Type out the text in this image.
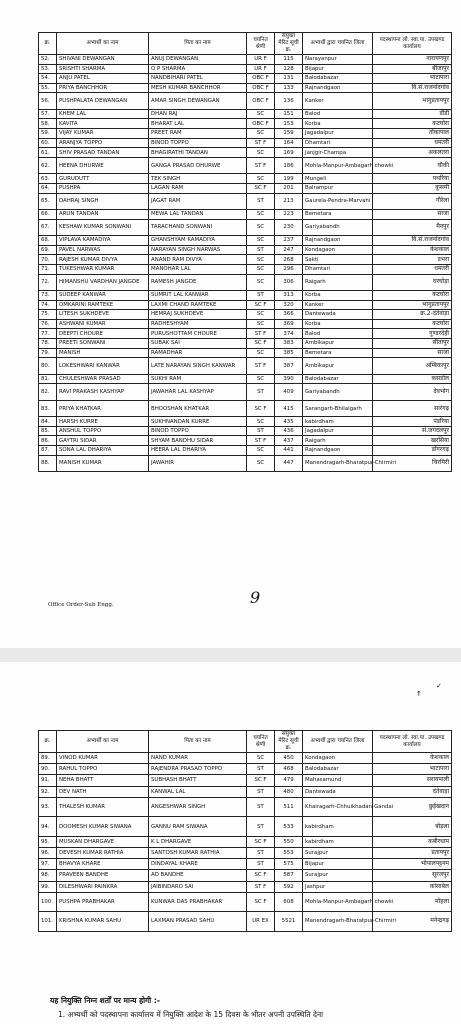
क्र.	अभ्यर्थी का नाम	पिता का नाम	चयनित श्रेणी	संयुक्त मेरिट सूची क्र.	अभ्यर्थी द्वारा चयनित जिला	पदस्थापना लो. स्वा.या. उपखण्ड कार्यालय
52.	SHIVANI DEWANGAN	ANUJ DEWANGAN	UR F	115	Narayanpur	नारायणपुर
53.	SRISHTI SHARMA	O P SHARMA	UR F	128	Bijapur	बीजापुर
54.	ANJU PATEL	NANDBIHARI PATEL	OBC F	131	Balodabazar	भाटापारा
55.	PRIYA BANCHHOR	MESH KUMAR BANCHHOR	OBC F	133	Rajnandgaon	वि.सं.राजनांदगांव
56.	PUSHPALATA DEWANGAN	AMAR SINGH DEWANGAN	OBC F	136	Kanker	भानुप्रतापपुर
57.	KHEM LAL	DHAN RAJ	SC	151	Balod	डौंडी
58.	KAVITA	BHARAT LAL	OBC F	153	Korba	कटघोरा
59.	VIJAY KUMAR	PREET RAM	SC	159	Jagadalpur	तोकापाल
60.	ARANJYA TOPPO	BINOD TOPPO	ST F	164	Dhamtari	धमतरी
61.	SHIV PRASAD TANDAN	BHAGIRATHI TANDAN	SC	169	Janjgir-Champa	अकलतरा
62.	HEENA DHURWE	GANGA PRASAD DHURWE	ST F	186	Mohla-Manpur-Ambagarh chowki	चौकी
63.	GURUDUTT	TEK SINGH	SC	199	Mungeli	पथरिया
64.	PUSHPA	LAGAN RAM	SC F	201	Balrampur	कुसमी
65.	DAHRAJ SINGH	JAGAT RAM	ST	213	Gaurela-Pendra-Marvahi	गौरेला
66.	ARUN TANDAN	MEWA LAL TANDAN	SC	223	Bemetara	साजा
67.	KESHAW KUMAR SONWANI	TARACHAND SONWANI	SC	230	Gariyabandh	मैनपुर
68.	VIPLAVA KAMADIYA	GHANSHYAM KAMADIYA	SC	237	Rajnandgaon	वि.सं.राजनांदगांव
69.	PAVEL NARWAS	NARAYAN SINGH NARWAS	ST	247	Kondagaon	केशकाल
70.	RAJESH KUMAR DIVYA	ANAND RAM DIVYA	SC	268	Sakti	डभरा
71.	TUKESHWAR KUMAR	MANOHAR LAL	SC	296	Dhamtari	धमतरी
72.	HIMANSHU VARDHAN JANGDE	RAMESH JANGDE	SC	306	Raigarh	घरघोड़ा
73.	SUDEEP KANWAR	SUMRIT LAL KANWAR	ST	313	Korba	कटघोरा
74.	OMKARINI RAMTEKE	LAXMI CHAND RAMTEKE	SC F	320	Kanker	भानुप्रतापपुर
75.	LITESH SUKHDEVE	HEMRAJ SUKHDEVE	SC	366	Dantewada	क्र.2-दंतेवाड़ा
76.	ASHWANI KUMAR	RADHESHYAM	SC	369	Korba	कटघोरा
77.	DEEPTI CHOURE	PURUSHOTTAM CHOURE	ST F	374	Balod	गुण्डरदेही
78.	PREETI SONWANI	SUBAK SAI	SC F	383	Ambikapur	सीतापुर
79.	MANISH	RAMADHAR	SC	385	Bemetara	साजा
80.	LOKESHWARI KANWAR	LATE NARAYAN SINGH KANWAR	ST F	387	Ambikapur	अम्बिकापुर
81.	CHULESHWAR PRASAD	SUKHI RAM	SC	390	Balodabazar	कसडोल
82.	RAVI PRAKASH KASHYAP	JAWAHAR LAL KASHYAP	ST	409	Gariyabandh	देवभोग
83.	PRIYA KHATKAR	BHOOSHAN KHATKAR	SC F	415	Sarangarh-Bhilaigarh	सारंगढ़
84.	HARSH KURRE	SUKHNANDAN KURRE	SC	435	kabirdham	पंडरिया
85.	ANSHUL TOPPO	BINOD TOPPO	ST	436	Jagadalpur	सं.जगदलपुर
86.	GAYTRI SIDAR	SHYAM BANDHU SIDAR	ST F	437	Raigarh	खरसिया
87.	SONA LAL DHARIYA	HEERA LAL DHARIYA	SC	441	Rajnandgaon	डोंगरगढ़
88.	MANISH KUMAR	JAWAHIR	SC	447	Manendragarh-Bharatpur-Chirmiri	चिरमिरी
9
Office Order-Sub Engg.
क्र.	अभ्यर्थी का नाम	पिता का नाम	चयनित श्रेणी	संयुक्त मेरिट सूची क्र.	अभ्यर्थी द्वारा चयनित जिला	पदस्थापना लो. स्वा.या. उपखण्ड कार्यालय
89.	VINOD KUMAR	NAND KUMAR	SC	450	Kondagaon	केशकाल
90.	RAHUL TOPPO	RAJENDRA PRASAD TOPPO	ST	468	Balodabazar	भाटापारा
91.	NEHA BHATT	SUBHASH BHATT	SC F	479	Mahasamund	सरायपाली
92.	DEV NATH	KANWAL LAL	ST	480	Dantewada	दंतेवाड़ा
93.	THALESH KUMAR	ANGESHWAR SINGH	ST	511	Khairagarh-Chhuikhadan-Gandai	छुईखदान
94.	DOOMESH KUMAR SIWANA	GANNU RAM SIWANA	ST	533	kabirdham	बोड़ला
95.	MUSKAN DHARGAVE	K L DHARGAVE	SC F	550	kabirdham	कबीरधाम
96.	DEVESH KUMAR RATHIA	SANTOSH KUMAR RATHIA	ST	553	Surajpur	प्रतापपुर
97.	BHAVYA KHARE	DINDAYAL KHARE	ST	575	Bijapur	भोपालपट्टनम
98.	PRAVEEN BANDHE	AD BANDHE	SC F	587	Surajpur	सूरजपुर
99.	DILESHWARI PAINKRA	JAIBINDARO SAI	ST F	592	Jashpur	कांसाबेल
100.	PUSHPA PRABHAKAR	KUNWAR DAS PRABHAKAR	SC F	608	Mohla-Manpur-Ambagarh chowki	मोहला
101.	KRISHNA KUMAR SAHU	LAXMAN PRASAD SAHU	UR EX	5521	Manendragarh-Bharatpur-Chirmiri	मनेन्द्रगढ़
✓
↑
यह नियुक्ति निम्न शर्तों पर मान्य होगी :-
1. अभ्यर्थी को पदस्थापना कार्यालय में नियुक्ति आदेश के 15 दिवस के भीतर अपनी उपस्थिति देना
